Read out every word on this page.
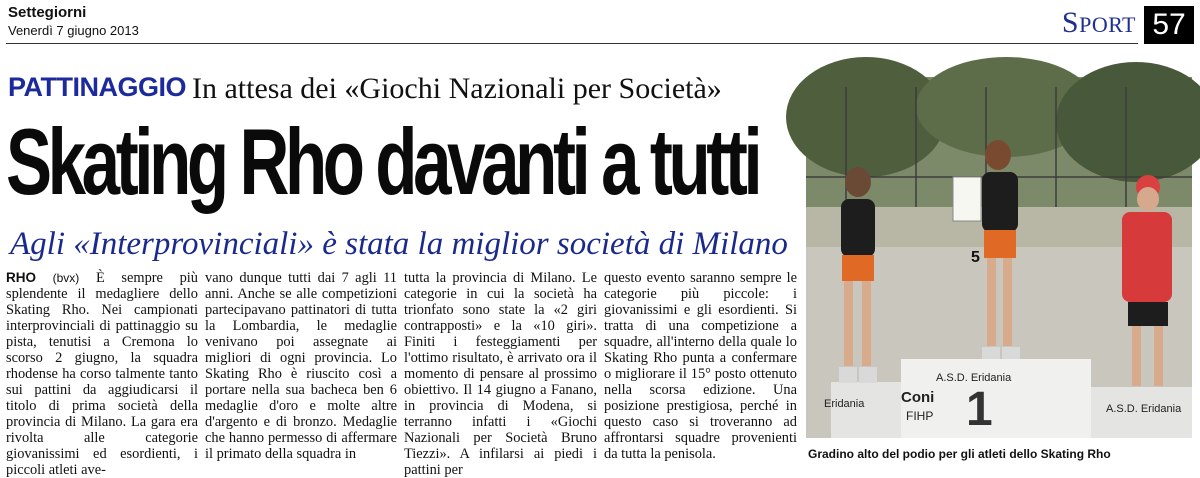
Settegiorni
Venerdì 7 giugno 2013	SPORT 57
PATTINAGGIO In attesa dei «Giochi Nazionali per Società»
Skating Rho davanti a tutti
Agli «Interprovinciali» è stata la miglior società di Milano

RHO (bvx) È sempre più splendente il medagliere dello Skating Rho. Nei campionati interprovinciali di pattinaggio su pista, tenutisi a Cremona lo scorso 2 giugno, la squadra rhodense ha corso talmente tanto sui pattini da aggiudicarsi il titolo di prima società della provincia di Milano. La gara era rivolta alle categorie giovanissimi ed esordienti, i piccoli atleti ave-

vano dunque tutti dai 7 agli 11 anni. Anche se alle competizioni partecipavano pattinatori di tutta la Lombardia, le medaglie venivano poi assegnate ai migliori di ogni provincia. Lo Skating Rho è riuscito così a portare nella sua bacheca ben 6 medaglie d'oro e molte altre d'argento e di bronzo. Medaglie che hanno permesso di affermare il primato della squadra in

tutta la provincia di Milano. Le categorie in cui la società ha trionfato sono state la «2 giri contrapposti» e la «10 giri». Finiti i festeggiamenti per l'ottimo risultato, è arrivato ora il momento di pensare al prossimo obiettivo. Il 14 giugno a Fanano, in provincia di Modena, si terranno infatti i «Giochi Nazionali per Società Bruno Tiezzi». A infilarsi ai piedi i pattini per

questo evento saranno sempre le categorie più piccole: i giovanissimi e gli esordienti. Si tratta di una competizione a squadre, all'interno della quale lo Skating Rho punta a confermare o migliorare il 15° posto ottenuto nella scorsa edizione. Una posizione prestigiosa, perché in questo caso si troveranno ad affrontarsi squadre provenienti da tutta la penisola.

Eridania
A.S.D. Eridania
A.S.D. Eridania
Coni
FIHP 1
5
Gradino alto del podio per gli atleti dello Skating Rho
